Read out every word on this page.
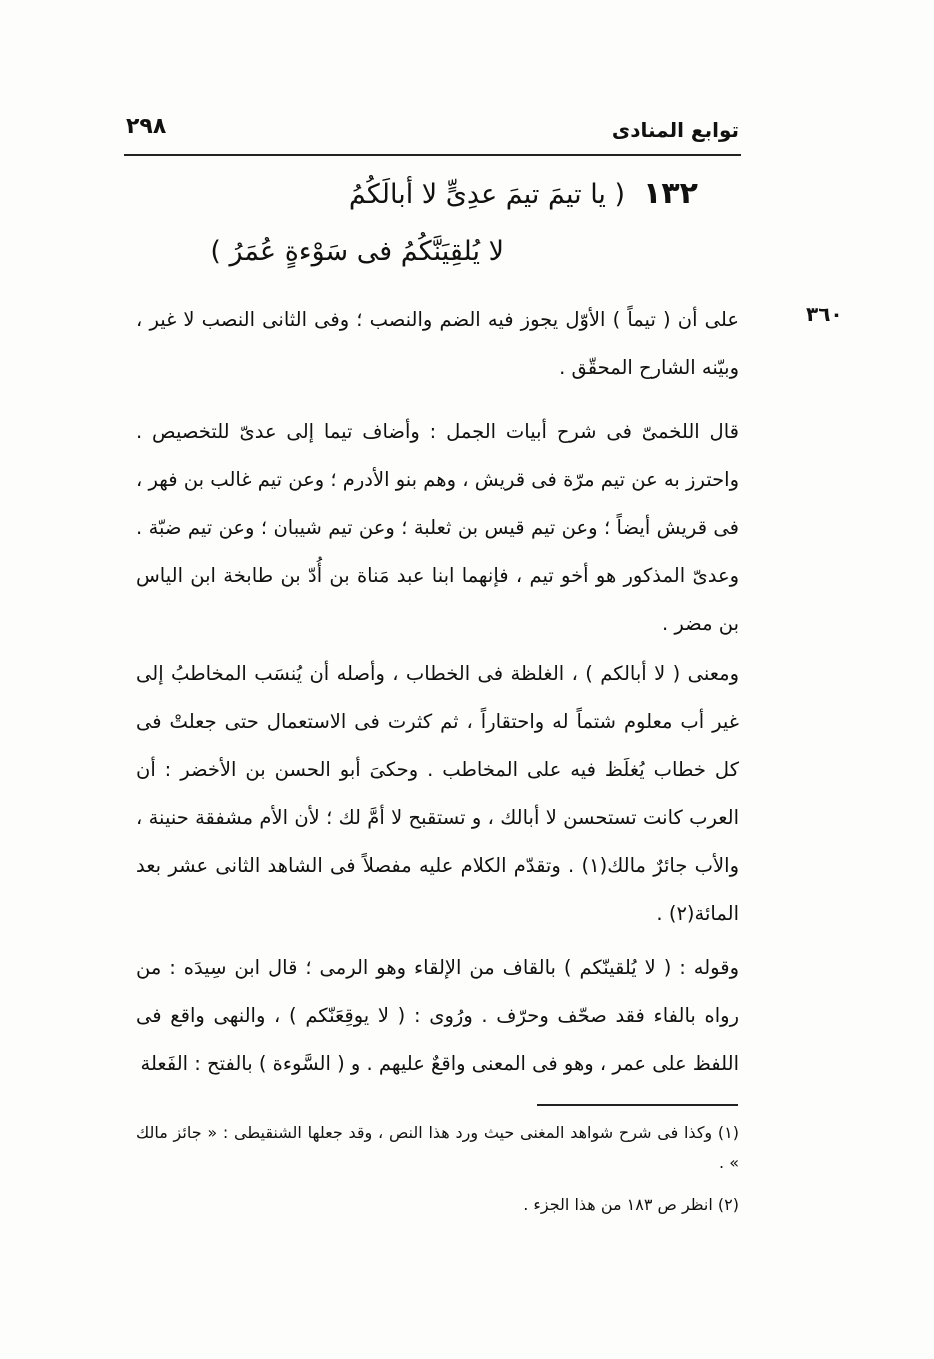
توابع المنادى
٢٩٨
١٣٢( يا تيمَ تيمَ عدِىٍّ لا أبالَكُمُ
لا يُلقِيَنَّكُمُ فى سَوْءةٍ عُمَرُ )
٣٦٠
على أن ( تيماً ) الأوّل يجوز فيه الضم والنصب ؛ وفى الثانى النصب لا غير ، وبيّنه الشارح المحقّق .
قال اللخمىّ فى شرح أبيات الجمل : وأضاف تيما إلى عدىّ للتخصيص . واحترز به عن تيم مرّة فى قريش ، وهم بنو الأدرم ؛ وعن تيم غالب بن فهر ، فى قريش أيضاً ؛ وعن تيم قيس بن ثعلبة ؛ وعن تيم شيبان ؛ وعن تيم ضبّة . وعدىّ المذكور هو أخو تيم ، فإنهما ابنا عبد مَناة بن أُدّ بن طابخة ابن الياس بن مضر .
ومعنى ( لا أبالكم ) ، الغلظة فى الخطاب ، وأصله أن يُنسَب المخاطبُ إلى غير أب معلوم شتماً له واحتقاراً ، ثم كثرت فى الاستعمال حتى جعلتْ فى كل خطاب يُغلَظ فيه على المخاطب . وحكىَ أبو الحسن بن الأخضر : أن العرب كانت تستحسن لا أبالك ، و تستقبح لا أمَّ لك ؛ لأن الأم مشفقة حنينة ، والأب جائرٌ مالك(١) . وتقدّم الكلام عليه مفصلاً فى الشاهد الثانى عشر بعد المائة(٢) .
وقوله : ( لا يُلقينّكم ) بالقاف من الإلقاء وهو الرمى ؛ قال ابن سِيدَه : من رواه بالفاء فقد صحّف وحرّف . ورُوى : ( لا يوقِعَنّكم ) ، والنهى واقع فى اللفظ على عمر ، وهو فى المعنى واقعٌ عليهم . و ( السَّوءة ) بالفتح : الفَعلة
(١) وكذا فى شرح شواهد المغنى حيث ورد هذا النص ، وقد جعلها الشنقيطى : « جائز مالك » .
(٢) انظر ص ١٨٣ من هذا الجزء .
